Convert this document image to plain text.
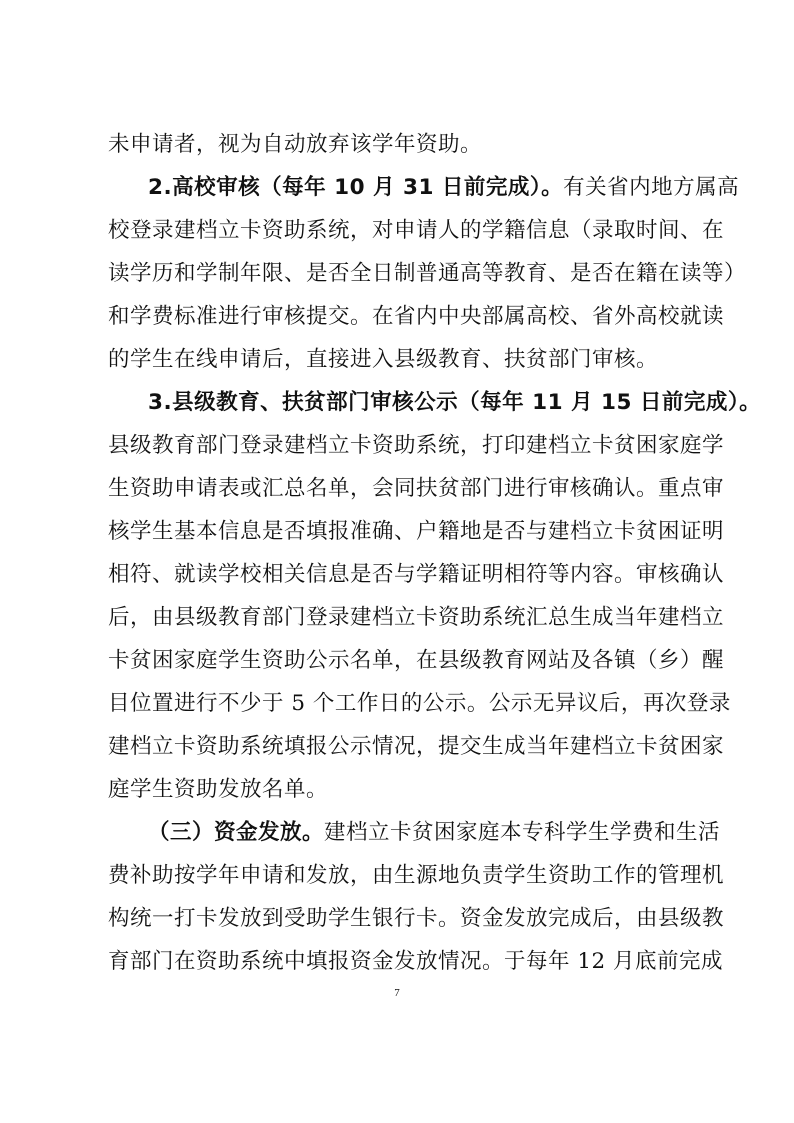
未申请者，视为自动放弃该学年资助。
2.高校审核（每年 10 月 31 日前完成）。有关省内地方属高
校登录建档立卡资助系统，对申请人的学籍信息（录取时间、在
读学历和学制年限、是否全日制普通高等教育、是否在籍在读等）
和学费标准进行审核提交。在省内中央部属高校、省外高校就读
的学生在线申请后，直接进入县级教育、扶贫部门审核。
3.县级教育、扶贫部门审核公示（每年 11 月 15 日前完成）。
县级教育部门登录建档立卡资助系统，打印建档立卡贫困家庭学
生资助申请表或汇总名单，会同扶贫部门进行审核确认。重点审
核学生基本信息是否填报准确、户籍地是否与建档立卡贫困证明
相符、就读学校相关信息是否与学籍证明相符等内容。审核确认
后，由县级教育部门登录建档立卡资助系统汇总生成当年建档立
卡贫困家庭学生资助公示名单，在县级教育网站及各镇（乡）醒
目位置进行不少于 5 个工作日的公示。公示无异议后，再次登录
建档立卡资助系统填报公示情况，提交生成当年建档立卡贫困家
庭学生资助发放名单。
（三）资金发放。建档立卡贫困家庭本专科学生学费和生活
费补助按学年申请和发放，由生源地负责学生资助工作的管理机
构统一打卡发放到受助学生银行卡。资金发放完成后，由县级教
育部门在资助系统中填报资金发放情况。于每年 12 月底前完成
7
